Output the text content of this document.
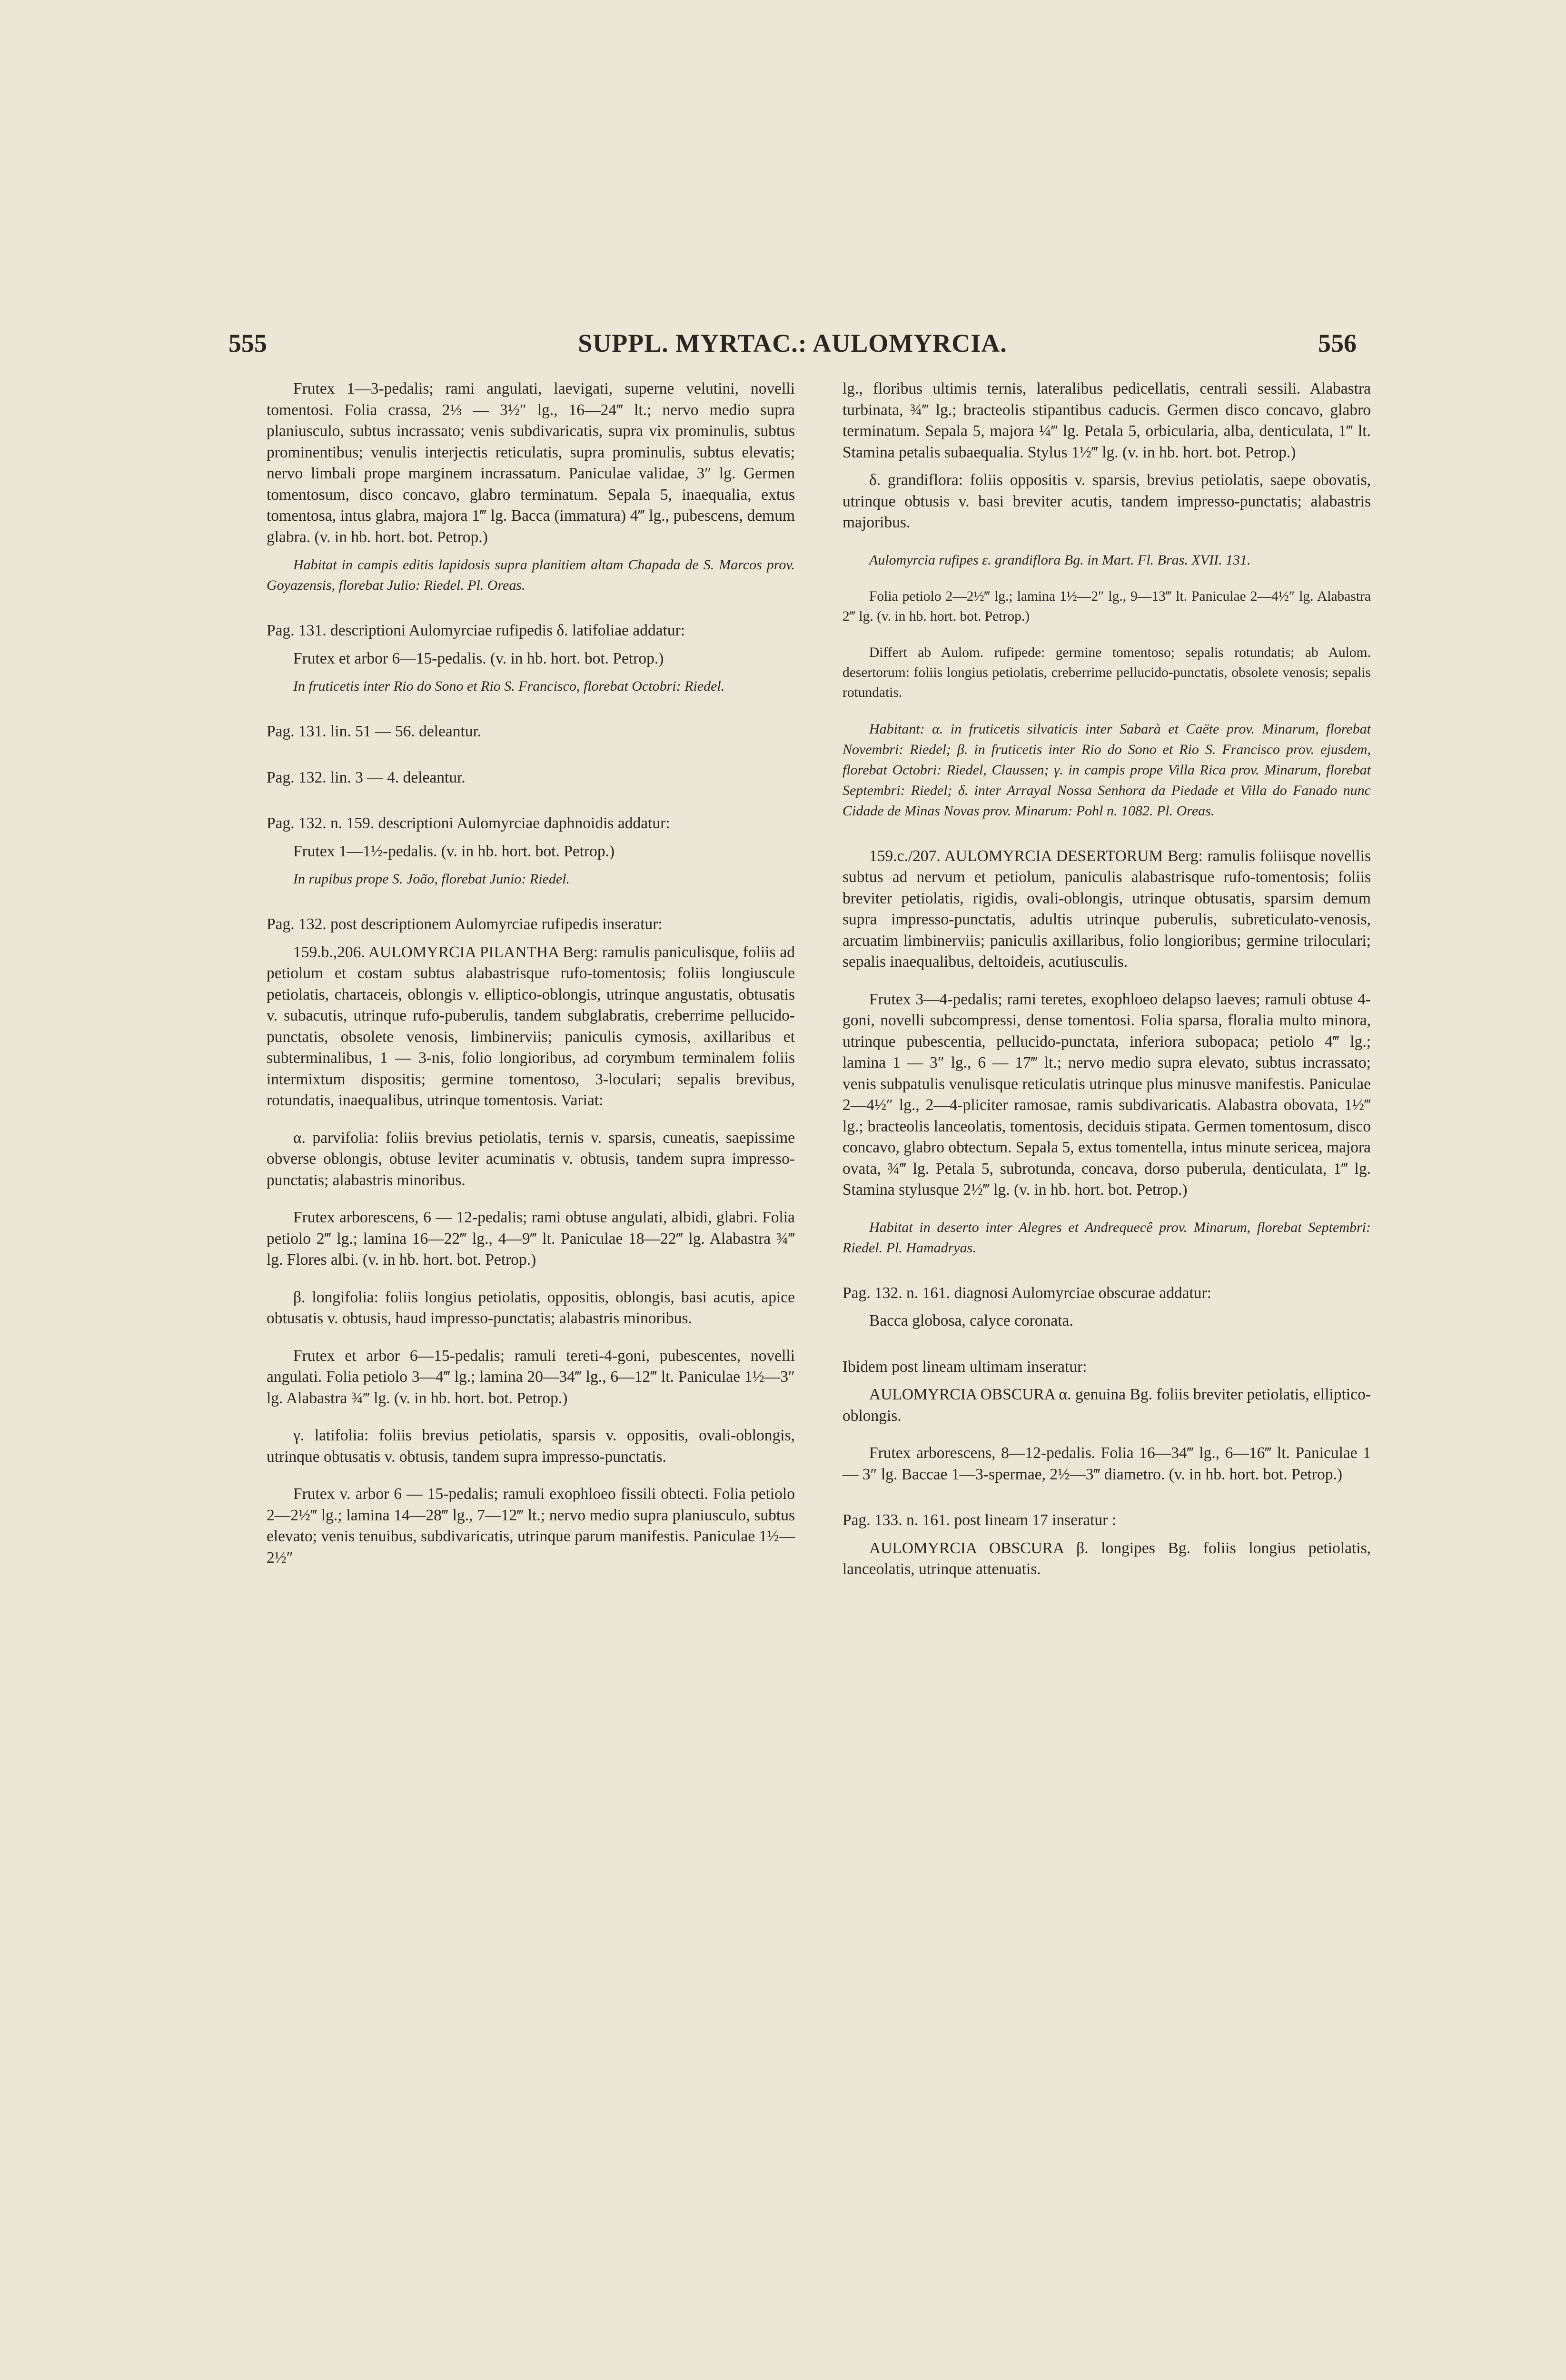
555	SUPPL. MYRTAC.: AULOMYRCIA.	556

Frutex 1—3-pedalis; rami angulati, laevigati, superne velutini, novelli tomentosi. Folia crassa, 2⅓ — 3½″ lg., 16—24‴ lt.; nervo medio supra planiusculo, subtus incrassato; venis subdivaricatis, supra vix prominulis, subtus prominentibus; venulis interjectis reticulatis, supra prominulis, subtus elevatis; nervo limbali prope marginem incrassatum. Paniculae validae, 3″ lg. Germen tomentosum, disco concavo, glabro terminatum. Sepala 5, inaequalia, extus tomentosa, intus glabra, majora 1‴ lg. Bacca (immatura) 4‴ lg., pubescens, demum glabra. (v. in hb. hort. bot. Petrop.)

Habitat in campis editis lapidosis supra planitiem altam Chapada de S. Marcos prov. Goyazensis, florebat Julio: Riedel. Pl. Oreas.

Pag. 131. descriptioni Aulomyrciae rufipedis δ. latifoliae addatur:

Frutex et arbor 6—15-pedalis. (v. in hb. hort. bot. Petrop.)

In fruticetis inter Rio do Sono et Rio S. Francisco, florebat Octobri: Riedel.

Pag. 131. lin. 51 — 56. deleantur.

Pag. 132. lin. 3 — 4. deleantur.

Pag. 132. n. 159. descriptioni Aulomyrciae daphnoidis addatur:

Frutex 1—1½-pedalis. (v. in hb. hort. bot. Petrop.)

In rupibus prope S. João, florebat Junio: Riedel.

Pag. 132. post descriptionem Aulomyrciae rufipedis inseratur:

159.b.,206. AULOMYRCIA PILANTHA Berg: ramulis paniculisque, foliis ad petiolum et costam subtus alabastrisque rufo-tomentosis; foliis longiuscule petiolatis, chartaceis, oblongis v. elliptico-oblongis, utrinque angustatis, obtusatis v. subacutis, utrinque rufo-puberulis, tandem subglabratis, creberrime pellucido-punctatis, obsolete venosis, limbinerviis; paniculis cymosis, axillaribus et subterminalibus, 1 — 3-nis, folio longioribus, ad corymbum terminalem foliis intermixtum dispositis; germine tomentoso, 3-loculari; sepalis brevibus, rotundatis, inaequalibus, utrinque tomentosis. Variat:

α. parvifolia: foliis brevius petiolatis, ternis v. sparsis, cuneatis, saepissime obverse oblongis, obtuse leviter acuminatis v. obtusis, tandem supra impresso-punctatis; alabastris minoribus.

Frutex arborescens, 6 — 12-pedalis; rami obtuse angulati, albidi, glabri. Folia petiolo 2‴ lg.; lamina 16—22‴ lg., 4—9‴ lt. Paniculae 18—22‴ lg. Alabastra ¾‴ lg. Flores albi. (v. in hb. hort. bot. Petrop.)

β. longifolia: foliis longius petiolatis, oppositis, oblongis, basi acutis, apice obtusatis v. obtusis, haud impresso-punctatis; alabastris minoribus.

Frutex et arbor 6—15-pedalis; ramuli tereti-4-goni, pubescentes, novelli angulati. Folia petiolo 3—4‴ lg.; lamina 20—34‴ lg., 6—12‴ lt. Paniculae 1½—3″ lg. Alabastra ¾‴ lg. (v. in hb. hort. bot. Petrop.)

γ. latifolia: foliis brevius petiolatis, sparsis v. oppositis, ovali-oblongis, utrinque obtusatis v. obtusis, tandem supra impresso-punctatis.

Frutex v. arbor 6 — 15-pedalis; ramuli exophloeo fissili obtecti. Folia petiolo 2—2½‴ lg.; lamina 14—28‴ lg., 7—12‴ lt.; nervo medio supra planiusculo, subtus elevato; venis tenuibus, subdivaricatis, utrinque parum manifestis. Paniculae 1½—2½″

lg., floribus ultimis ternis, lateralibus pedicellatis, centrali sessili. Alabastra turbinata, ¾‴ lg.; bracteolis stipantibus caducis. Germen disco concavo, glabro terminatum. Sepala 5, majora ¼‴ lg. Petala 5, orbicularia, alba, denticulata, 1‴ lt. Stamina petalis subaequalia. Stylus 1½‴ lg. (v. in hb. hort. bot. Petrop.)

δ. grandiflora: foliis oppositis v. sparsis, brevius petiolatis, saepe obovatis, utrinque obtusis v. basi breviter acutis, tandem impresso-punctatis; alabastris majoribus.

Aulomyrcia rufipes ε. grandiflora Bg. in Mart. Fl. Bras. XVII. 131.

Folia petiolo 2—2½‴ lg.; lamina 1½—2″ lg., 9—13‴ lt. Paniculae 2—4½″ lg. Alabastra 2‴ lg. (v. in hb. hort. bot. Petrop.)

Differt ab Aulom. rufipede: germine tomentoso; sepalis rotundatis; ab Aulom. desertorum: foliis longius petiolatis, creberrime pellucido-punctatis, obsolete venosis; sepalis rotundatis.

Habitant: α. in fruticetis silvaticis inter Sabarà et Caëte prov. Minarum, florebat Novembri: Riedel; β. in fruticetis inter Rio do Sono et Rio S. Francisco prov. ejusdem, florebat Octobri: Riedel, Claussen; γ. in campis prope Villa Rica prov. Minarum, florebat Septembri: Riedel; δ. inter Arrayal Nossa Senhora da Piedade et Villa do Fanado nunc Cidade de Minas Novas prov. Minarum: Pohl n. 1082. Pl. Oreas.

159.c./207. AULOMYRCIA DESERTORUM Berg: ramulis foliisque novellis subtus ad nervum et petiolum, paniculis alabastrisque rufo-tomentosis; foliis breviter petiolatis, rigidis, ovali-oblongis, utrinque obtusatis, sparsim demum supra impresso-punctatis, adultis utrinque puberulis, subreticulato-venosis, arcuatim limbinerviis; paniculis axillaribus, folio longioribus; germine triloculari; sepalis inaequalibus, deltoideis, acutiusculis.

Frutex 3—4-pedalis; rami teretes, exophloeo delapso laeves; ramuli obtuse 4-goni, novelli subcompressi, dense tomentosi. Folia sparsa, floralia multo minora, utrinque pubescentia, pellucido-punctata, inferiora subopaca; petiolo 4‴ lg.; lamina 1 — 3″ lg., 6 — 17‴ lt.; nervo medio supra elevato, subtus incrassato; venis subpatulis venulisque reticulatis utrinque plus minusve manifestis. Paniculae 2—4½″ lg., 2—4-pliciter ramosae, ramis subdivaricatis. Alabastra obovata, 1½‴ lg.; bracteolis lanceolatis, tomentosis, deciduis stipata. Germen tomentosum, disco concavo, glabro obtectum. Sepala 5, extus tomentella, intus minute sericea, majora ovata, ¾‴ lg. Petala 5, subrotunda, concava, dorso puberula, denticulata, 1‴ lg. Stamina stylusque 2½‴ lg. (v. in hb. hort. bot. Petrop.)

Habitat in deserto inter Alegres et Andrequecê prov. Minarum, florebat Septembri: Riedel. Pl. Hamadryas.

Pag. 132. n. 161. diagnosi Aulomyrciae obscurae addatur:

Bacca globosa, calyce coronata.

Ibidem post lineam ultimam inseratur:

AULOMYRCIA OBSCURA α. genuina Bg. foliis breviter petiolatis, elliptico-oblongis.

Frutex arborescens, 8—12-pedalis. Folia 16—34‴ lg., 6—16‴ lt. Paniculae 1 — 3″ lg. Baccae 1—3-spermae, 2½—3‴ diametro. (v. in hb. hort. bot. Petrop.)

Pag. 133. n. 161. post lineam 17 inseratur :

AULOMYRCIA OBSCURA β. longipes Bg. foliis longius petiolatis, lanceolatis, utrinque attenuatis.
